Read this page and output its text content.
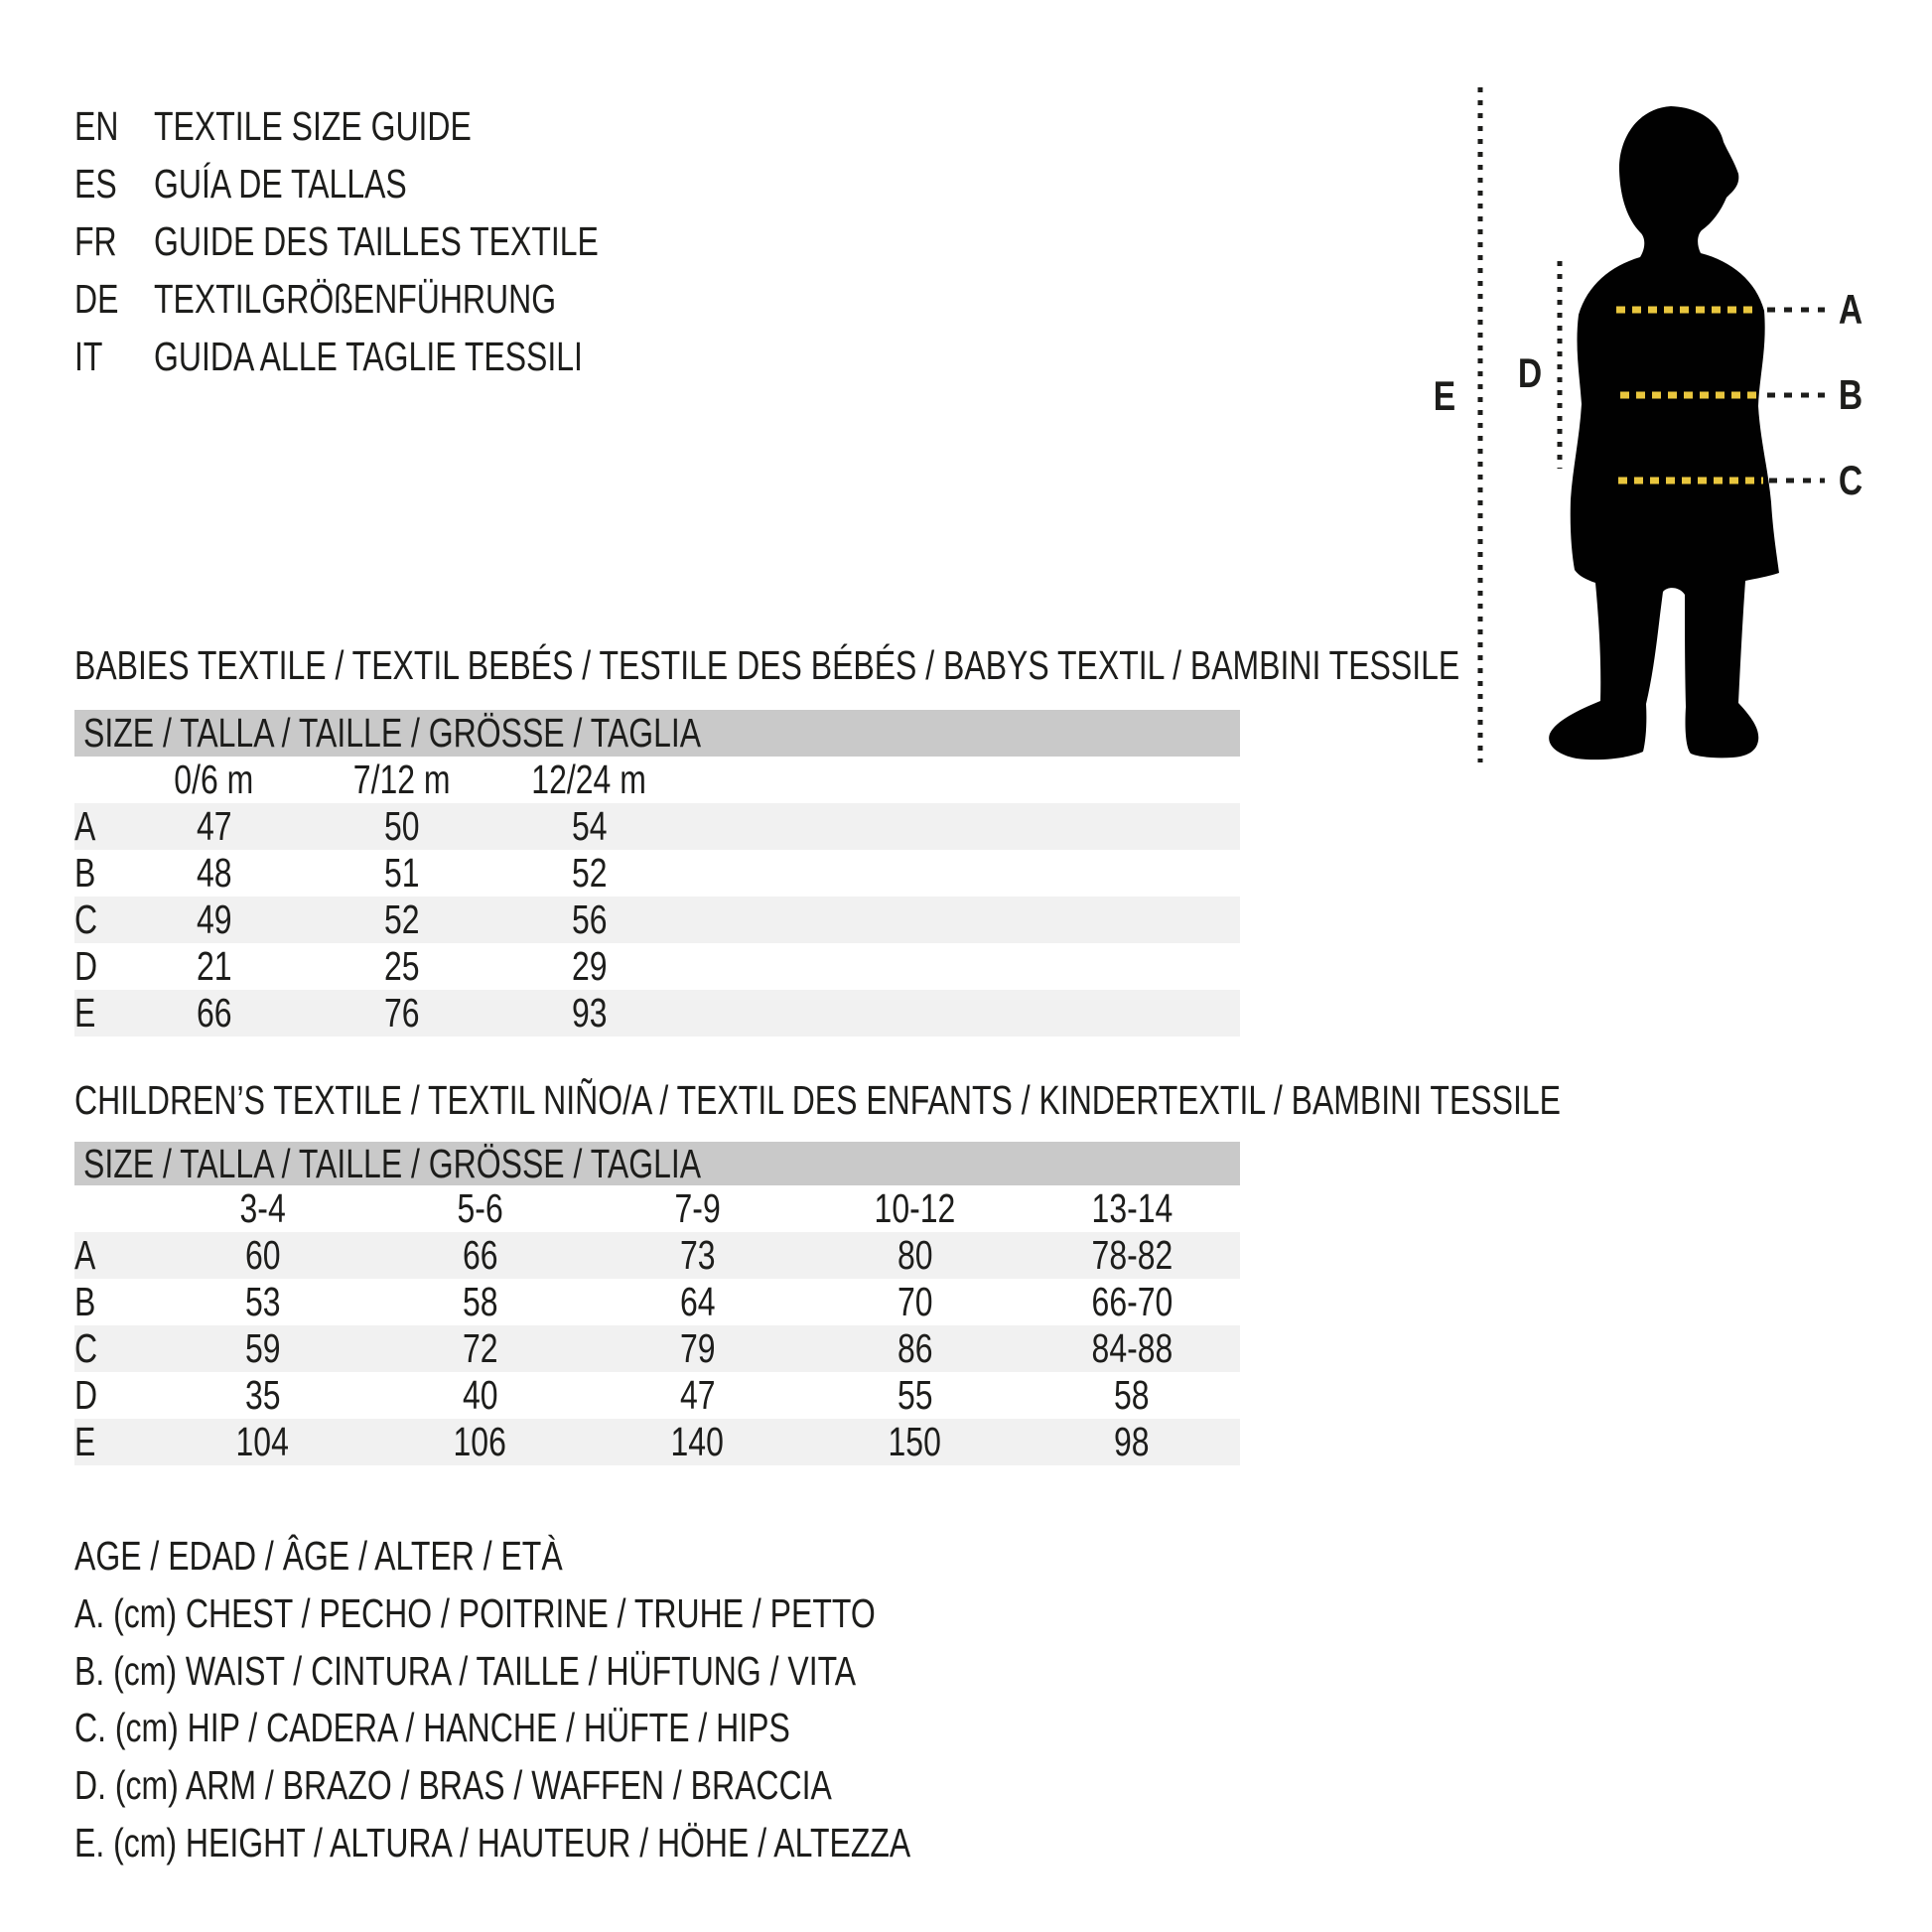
EN TEXTILE SIZE GUIDE
ES GUÍA DE TALLAS
FR GUIDE DES TAILLES TEXTILE
DE TEXTILGRÖßENFÜHRUNG
IT	GUIDA ALLE TAGLIE TESSILI
A
B
C
D
E
BABIES TEXTILE / TEXTIL BEBÉS / TESTILE DES BÉBÉS / BABYS TEXTIL / BAMBINI TESSILE
SIZE / TALLA / TAILLE / GRÖSSE / TAGLIA
	0/6 m	7/12 m	12/24 m	
A	47	50	54	
B	48	51	52	
C	49	52	56	
D	21	25	29	
E	66	76	93	
CHILDREN’S TEXTILE / TEXTIL NIÑO/A / TEXTIL DES ENFANTS / KINDERTEXTIL / BAMBINI TESSILE
SIZE / TALLA / TAILLE / GRÖSSE / TAGLIA
	3-4	5-6	7-9	10-12	13-14
A	60	66	73	80	78-82
B	53	58	64	70	66-70
C	59	72	79	86	84-88
D	35	40	47	55	58
E	104	106	140	150	98
AGE / EDAD / ÂGE / ALTER / ETÀ
A. (cm) CHEST / PECHO / POITRINE / TRUHE / PETTO
B. (cm) WAIST / CINTURA / TAILLE / HÜFTUNG / VITA
C. (cm) HIP / CADERA / HANCHE / HÜFTE / HIPS
D. (cm) ARM / BRAZO / BRAS / WAFFEN / BRACCIA
E. (cm) HEIGHT / ALTURA / HAUTEUR / HÖHE / ALTEZZA
